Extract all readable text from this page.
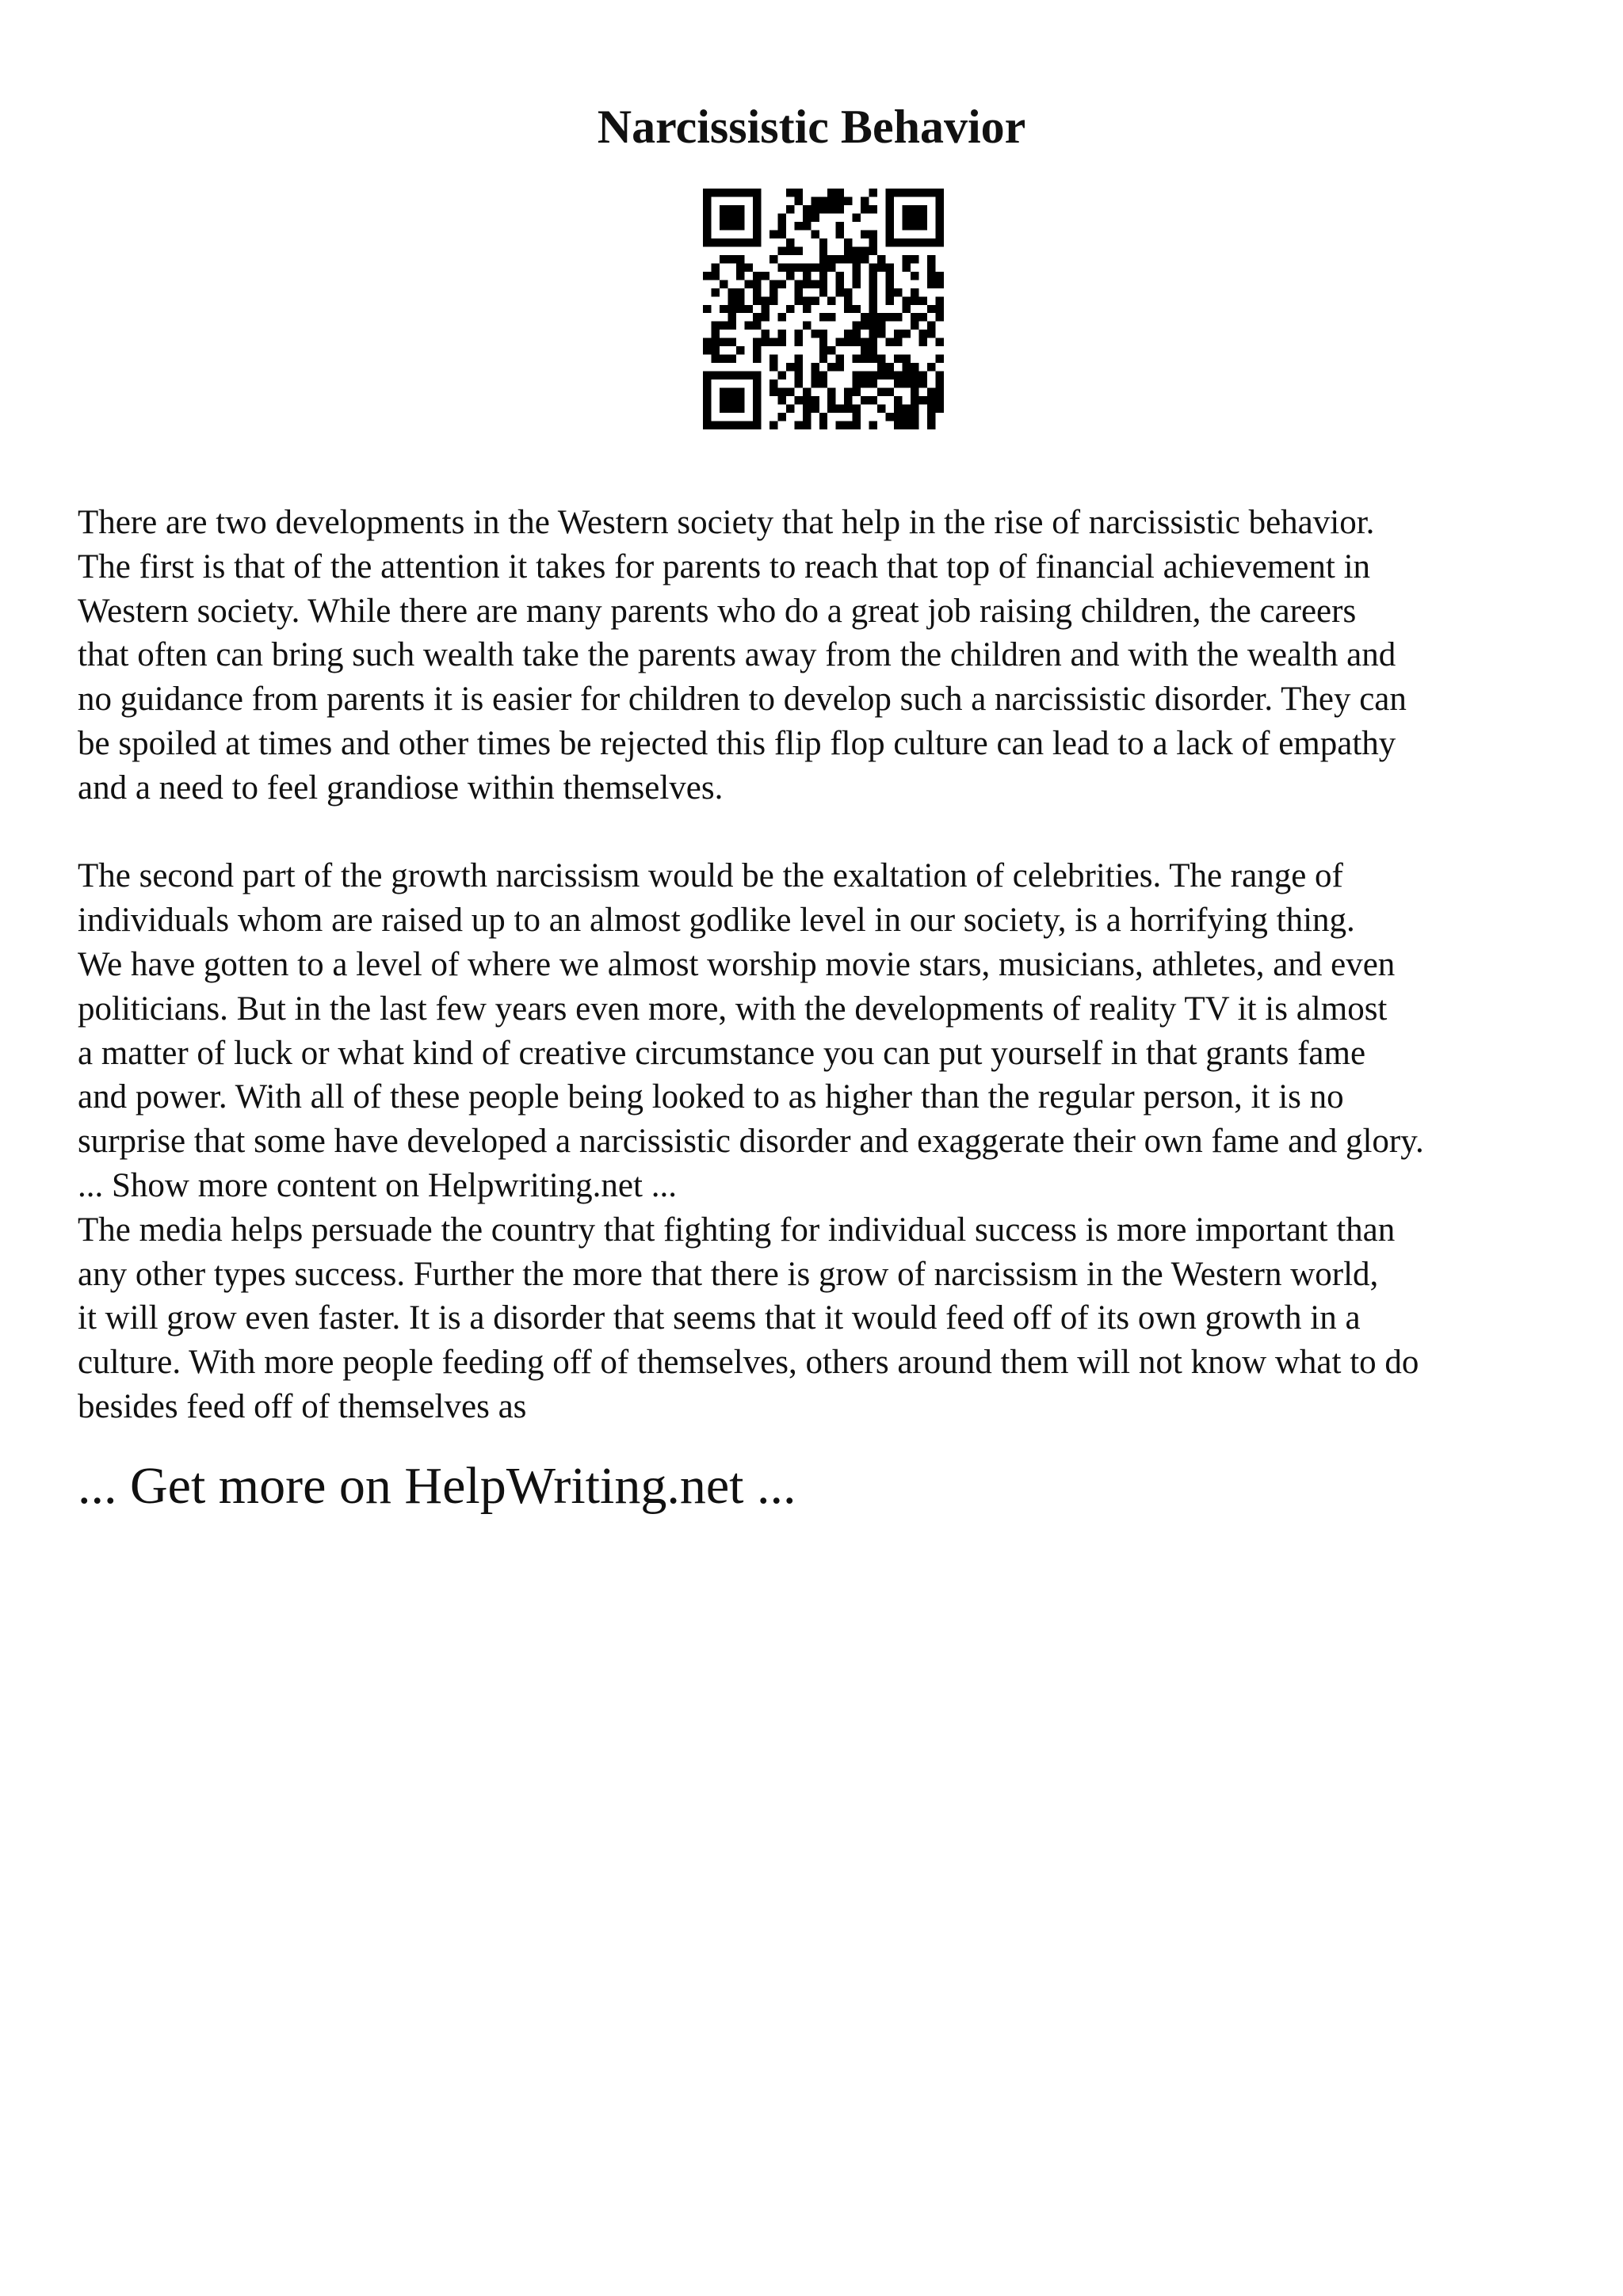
Narcissistic Behavior
There are two developments in the Western society that help in the rise of narcissistic behavior.
The first is that of the attention it takes for parents to reach that top of financial achievement in
Western society. While there are many parents who do a great job raising children, the careers
that often can bring such wealth take the parents away from the children and with the wealth and
no guidance from parents it is easier for children to develop such a narcissistic disorder. They can
be spoiled at times and other times be rejected this flip flop culture can lead to a lack of empathy
and a need to feel grandiose within themselves.
The second part of the growth narcissism would be the exaltation of celebrities. The range of
individuals whom are raised up to an almost godlike level in our society, is a horrifying thing.
We have gotten to a level of where we almost worship movie stars, musicians, athletes, and even
politicians. But in the last few years even more, with the developments of reality TV it is almost
a matter of luck or what kind of creative circumstance you can put yourself in that grants fame
and power. With all of these people being looked to as higher than the regular person, it is no
surprise that some have developed a narcissistic disorder and exaggerate their own fame and glory.
... Show more content on Helpwriting.net ...
The media helps persuade the country that fighting for individual success is more important than
any other types success. Further the more that there is grow of narcissism in the Western world,
it will grow even faster. It is a disorder that seems that it would feed off of its own growth in a
culture. With more people feeding off of themselves, others around them will not know what to do
besides feed off of themselves as

... Get more on HelpWriting.net ...
